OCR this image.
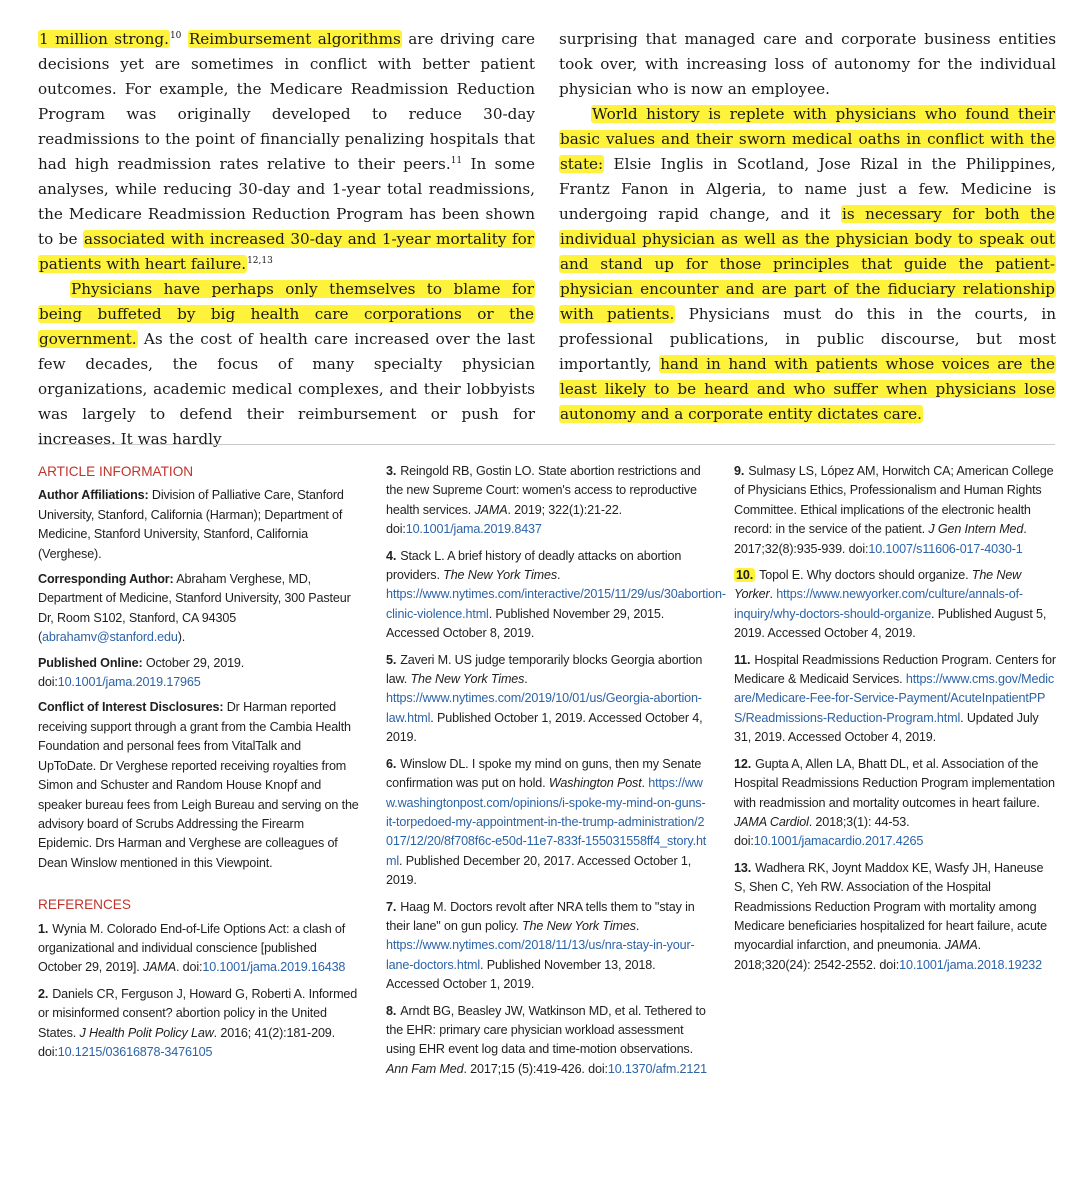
1 million strong.$^{10}$ Reimbursement algorithms are driving care decisions yet are sometimes in conflict with better patient outcomes. For example, the Medicare Readmission Reduction Program was originally developed to reduce 30-day readmissions to the point of financially penalizing hospitals that had high readmission rates relative to their peers.$^{11}$ In some analyses, while reducing 30-day and 1-year total readmissions, the Medicare Readmission Reduction Program has been shown to be associated with increased 30-day and 1-year mortality for patients with heart failure.$^{12,13}$

Physicians have perhaps only themselves to blame for being buffeted by big health care corporations or the government. As the cost of health care increased over the last few decades, the focus of many specialty physician organizations, academic medical complexes, and their lobbyists was largely to defend their reimbursement or push for increases. It was hardly

surprising that managed care and corporate business entities took over, with increasing loss of autonomy for the individual physician who is now an employee.

World history is replete with physicians who found their basic values and their sworn medical oaths in conflict with the state: Elsie Inglis in Scotland, Jose Rizal in the Philippines, Frantz Fanon in Algeria, to name just a few. Medicine is undergoing rapid change, and it is necessary for both the individual physician as well as the physician body to speak out and stand up for those principles that guide the patient-physician encounter and are part of the fiduciary relationship with patients. Physicians must do this in the courts, in professional publications, in public discourse, but most importantly, hand in hand with patients whose voices are the least likely to be heard and who suffer when physicians lose autonomy and a corporate entity dictates care.

ARTICLE INFORMATION

Author Affiliations: Division of Palliative Care, Stanford University, Stanford, California (Harman); Department of Medicine, Stanford University, Stanford, California (Verghese).

Corresponding Author: Abraham Verghese, MD, Department of Medicine, Stanford University, 300 Pasteur Dr, Room S102, Stanford, CA 94305 (abrahamv@stanford.edu).

Published Online: October 29, 2019.
doi:10.1001/jama.2019.17965

Conflict of Interest Disclosures: Dr Harman reported receiving support through a grant from the Cambia Health Foundation and personal fees from VitalTalk and UpToDate. Dr Verghese reported receiving royalties from Simon and Schuster and Random House Knopf and speaker bureau fees from Leigh Bureau and serving on the advisory board of Scrubs Addressing the Firearm Epidemic. Drs Harman and Verghese are colleagues of Dean Winslow mentioned in this Viewpoint.

REFERENCES

1. Wynia M. Colorado End-of-Life Options Act: a clash of organizational and individual conscience [published October 29, 2019]. JAMA. doi:10.1001/jama.2019.16438

2. Daniels CR, Ferguson J, Howard G, Roberti A. Informed or misinformed consent? abortion policy in the United States. J Health Polit Policy Law. 2016; 41(2):181-209. doi:10.1215/03616878-3476105

3. Reingold RB, Gostin LO. State abortion restrictions and the new Supreme Court: women's access to reproductive health services. JAMA. 2019; 322(1):21-22. doi:10.1001/jama.2019.8437

4. Stack L. A brief history of deadly attacks on abortion providers. The New York Times. https://www.nytimes.com/interactive/2015/11/29/us/30abortion-clinic-violence.html. Published November 29, 2015. Accessed October 8, 2019.

5. Zaveri M. US judge temporarily blocks Georgia abortion law. The New York Times. https://www.nytimes.com/2019/10/01/us/Georgia-abortion-law.html. Published October 1, 2019. Accessed October 4, 2019.

6. Winslow DL. I spoke my mind on guns, then my Senate confirmation was put on hold. Washington Post. https://www.washingtonpost.com/opinions/i-spoke-my-mind-on-guns-it-torpedoed-my-appointment-in-the-trump-administration/2017/12/20/8f708f6c-e50d-11e7-833f-155031558ff4_story.html. Published December 20, 2017. Accessed October 1, 2019.

7. Haag M. Doctors revolt after NRA tells them to "stay in their lane" on gun policy. The New York Times. https://www.nytimes.com/2018/11/13/us/nra-stay-in-your-lane-doctors.html. Published November 13, 2018. Accessed October 1, 2019.

8. Arndt BG, Beasley JW, Watkinson MD, et al. Tethered to the EHR: primary care physician workload assessment using EHR event log data and time-motion observations. Ann Fam Med. 2017;15 (5):419-426. doi:10.1370/afm.2121

9. Sulmasy LS, López AM, Horwitch CA; American College of Physicians Ethics, Professionalism and Human Rights Committee. Ethical implications of the electronic health record: in the service of the patient. J Gen Intern Med. 2017;32(8):935-939. doi:10.1007/s11606-017-4030-1

10. Topol E. Why doctors should organize. The New Yorker. https://www.newyorker.com/culture/annals-of-inquiry/why-doctors-should-organize. Published August 5, 2019. Accessed October 4, 2019.

11. Hospital Readmissions Reduction Program. Centers for Medicare & Medicaid Services. https://www.cms.gov/Medicare/Medicare-Fee-for-Service-Payment/AcuteInpatientPPS/Readmissions-Reduction-Program.html. Updated July 31, 2019. Accessed October 4, 2019.

12. Gupta A, Allen LA, Bhatt DL, et al. Association of the Hospital Readmissions Reduction Program implementation with readmission and mortality outcomes in heart failure. JAMA Cardiol. 2018;3(1): 44-53. doi:10.1001/jamacardio.2017.4265

13. Wadhera RK, Joynt Maddox KE, Wasfy JH, Haneuse S, Shen C, Yeh RW. Association of the Hospital Readmissions Reduction Program with mortality among Medicare beneficiaries hospitalized for heart failure, acute myocardial infarction, and pneumonia. JAMA. 2018;320(24): 2542-2552. doi:10.1001/jama.2018.19232
